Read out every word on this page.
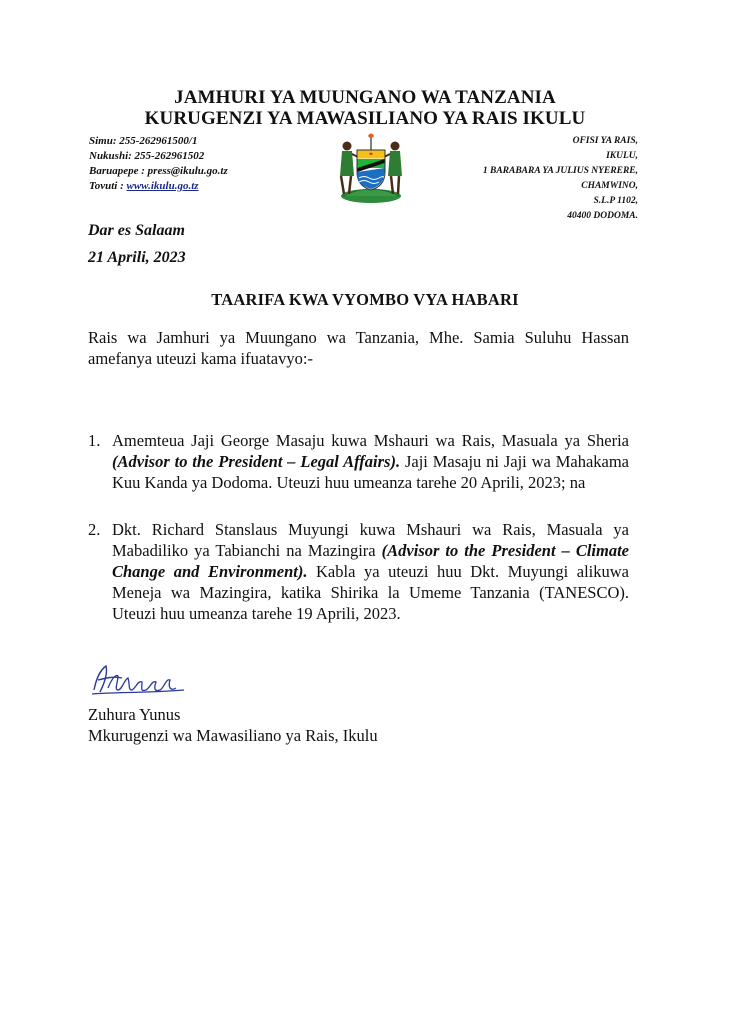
JAMHURI YA MUUNGANO WA TANZANIA
KURUGENZI YA MAWASILIANO YA RAIS IKULU
Simu: 255-262961500/1
Nukushi: 255-262961502
Baruapepe : press@ikulu.go.tz
Tovuti : www.ikulu.go.tz
OFISI YA RAIS,
IKULU,
1 BARABARA YA JULIUS NYERERE,
CHAMWINO,
S.L.P 1102,
40400 DODOMA.
Dar es Salaam
21 Aprili, 2023
TAARIFA KWA VYOMBO VYA HABARI
Rais wa Jamhuri ya Muungano wa Tanzania, Mhe. Samia Suluhu Hassan amefanya uteuzi kama ifuatavyo:-
1. Amemteua Jaji George Masaju kuwa Mshauri wa Rais, Masuala ya Sheria (Advisor to the President – Legal Affairs). Jaji Masaju ni Jaji wa Mahakama Kuu Kanda ya Dodoma. Uteuzi huu umeanza tarehe 20 Aprili, 2023; na
2. Dkt. Richard Stanslaus Muyungi kuwa Mshauri wa Rais, Masuala ya Mabadiliko ya Tabianchi na Mazingira (Advisor to the President – Climate Change and Environment). Kabla ya uteuzi huu Dkt. Muyungi alikuwa Meneja wa Mazingira, katika Shirika la Umeme Tanzania (TANESCO). Uteuzi huu umeanza tarehe 19 Aprili, 2023.
Zuhura Yunus
Mkurugenzi wa Mawasiliano ya Rais, Ikulu
